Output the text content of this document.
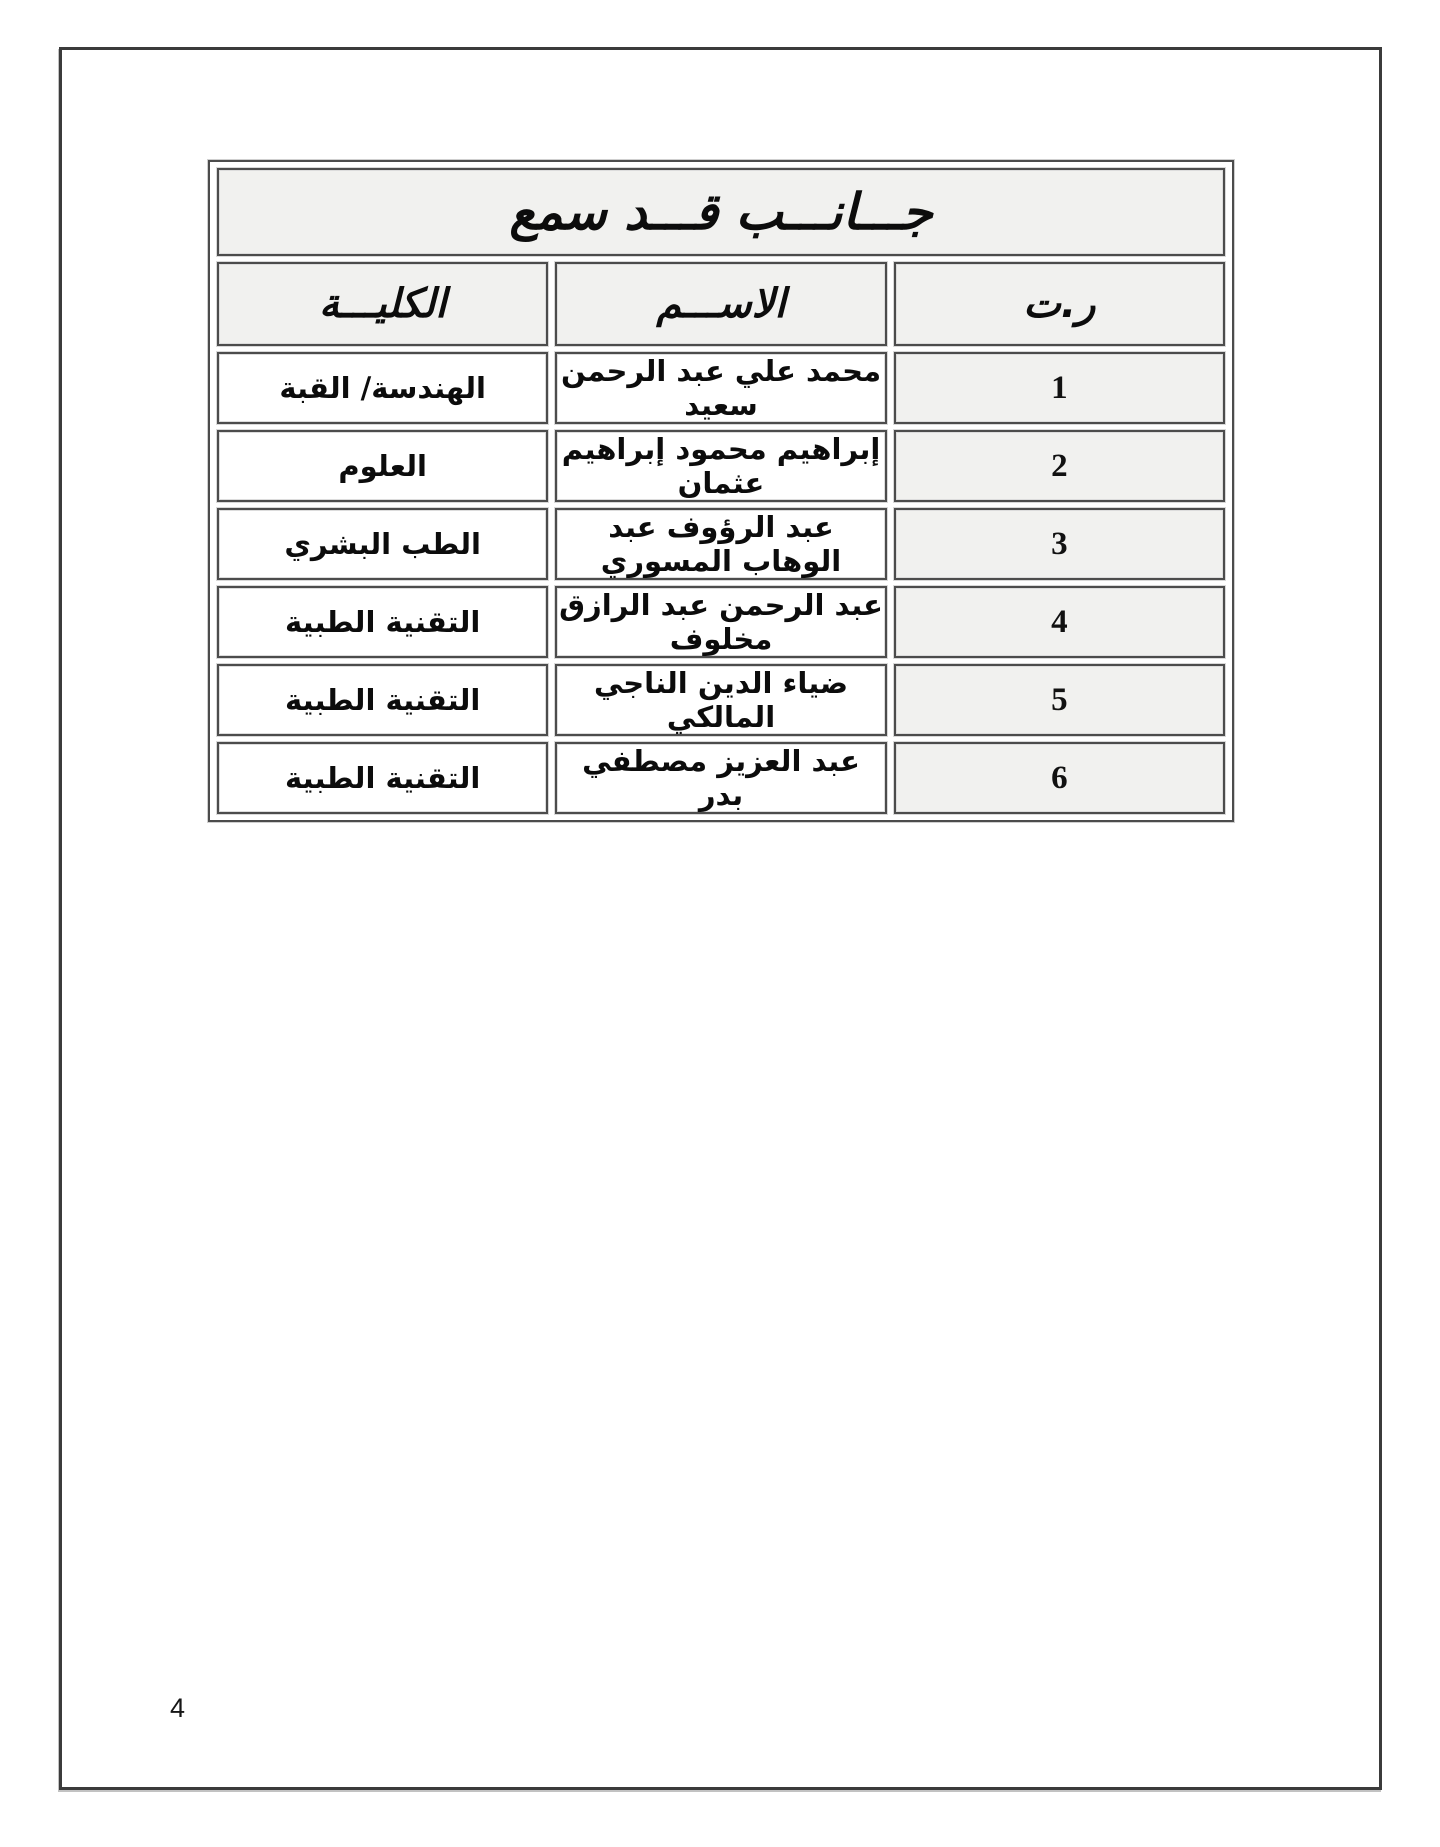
جـــانـــب قـــد سمع		
ر.ت	الاســـم	الكليـــة
1	محمد علي عبد الرحمن سعيد	الهندسة/ القبة
2	إبراهيم محمود إبراهيم عثمان	العلوم
3	عبد الرؤوف عبد الوهاب المسوري	الطب البشري
4	عبد الرحمن عبد الرازق مخلوف	التقنية الطبية
5	ضياء الدين الناجي المالكي	التقنية الطبية
6	عبد العزيز مصطفي بدر	التقنية الطبية
4
